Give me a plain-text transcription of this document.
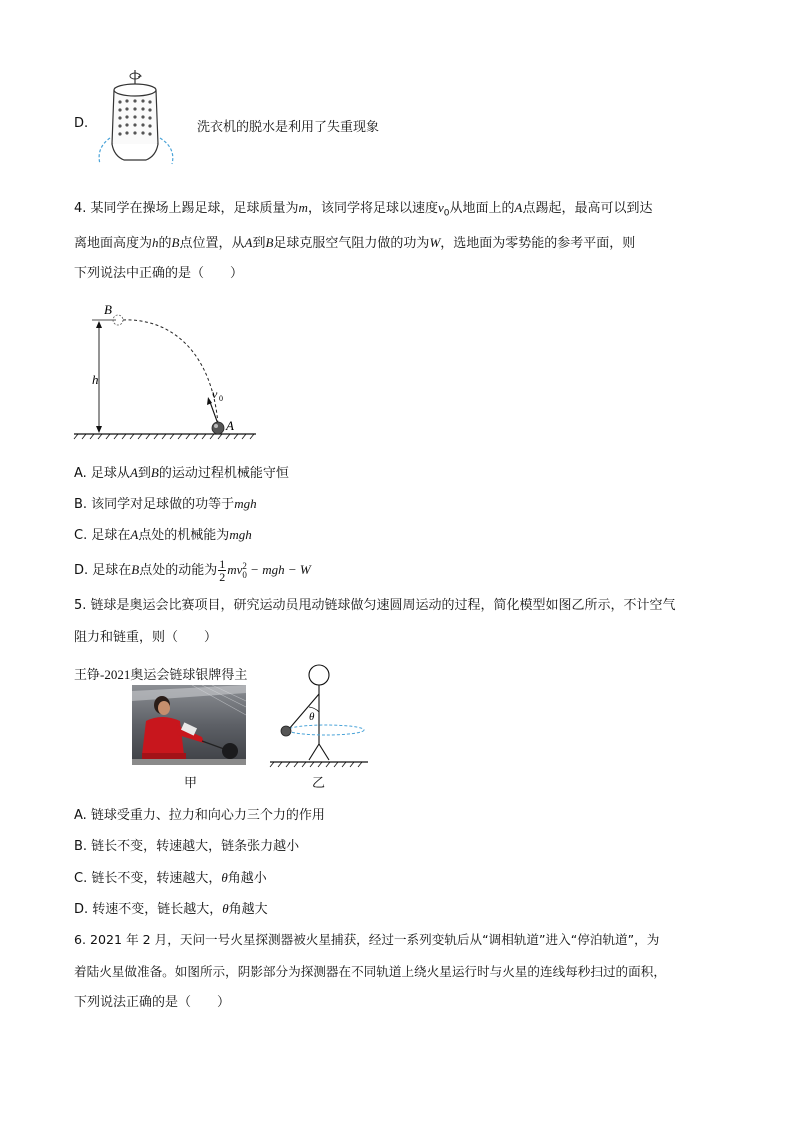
D.	洗衣机的脱水是利用了失重现象
4. 某同学在操场上踢足球，足球质量为m，该同学将足球以速度$v_0$从地面上的A点踢起，最高可以到达
离地面高度为h的B点位置，从A到B足球克服空气阻力做的功为W，选地面为零势能的参考平面，则
下列说法中正确的是（　　）
h
B
v 0
A
A. 足球从A到B的运动过程机械能守恒
B. 该同学对足球做的功等于mgh
C. 足球在A点处的机械能为mgh
D. 足球在B点处的动能为 $\frac{1}{2}$ mv 2
0 − mgh − W
5. 链球是奥运会比赛项目，研究运动员甩动链球做匀速圆周运动的过程，简化模型如图乙所示，不计空气
阻力和链重，则（　　）
王铮-2021奥运会链球银牌得主
甲
θ
乙
A. 链球受重力、拉力和向心力三个力的作用
B. 链长不变，转速越大，链条张力越小
C. 链长不变，转速越大，θ角越小
D. 转速不变，链长越大，θ角越大
6. 2021 年 2 月，天问一号火星探测器被火星捕获，经过一系列变轨后从“调相轨道”进入“停泊轨道”，为
着陆火星做准备。如图所示，阴影部分为探测器在不同轨道上绕火星运行时与火星的连线每秒扫过的面积，
下列说法正确的是（　　）
